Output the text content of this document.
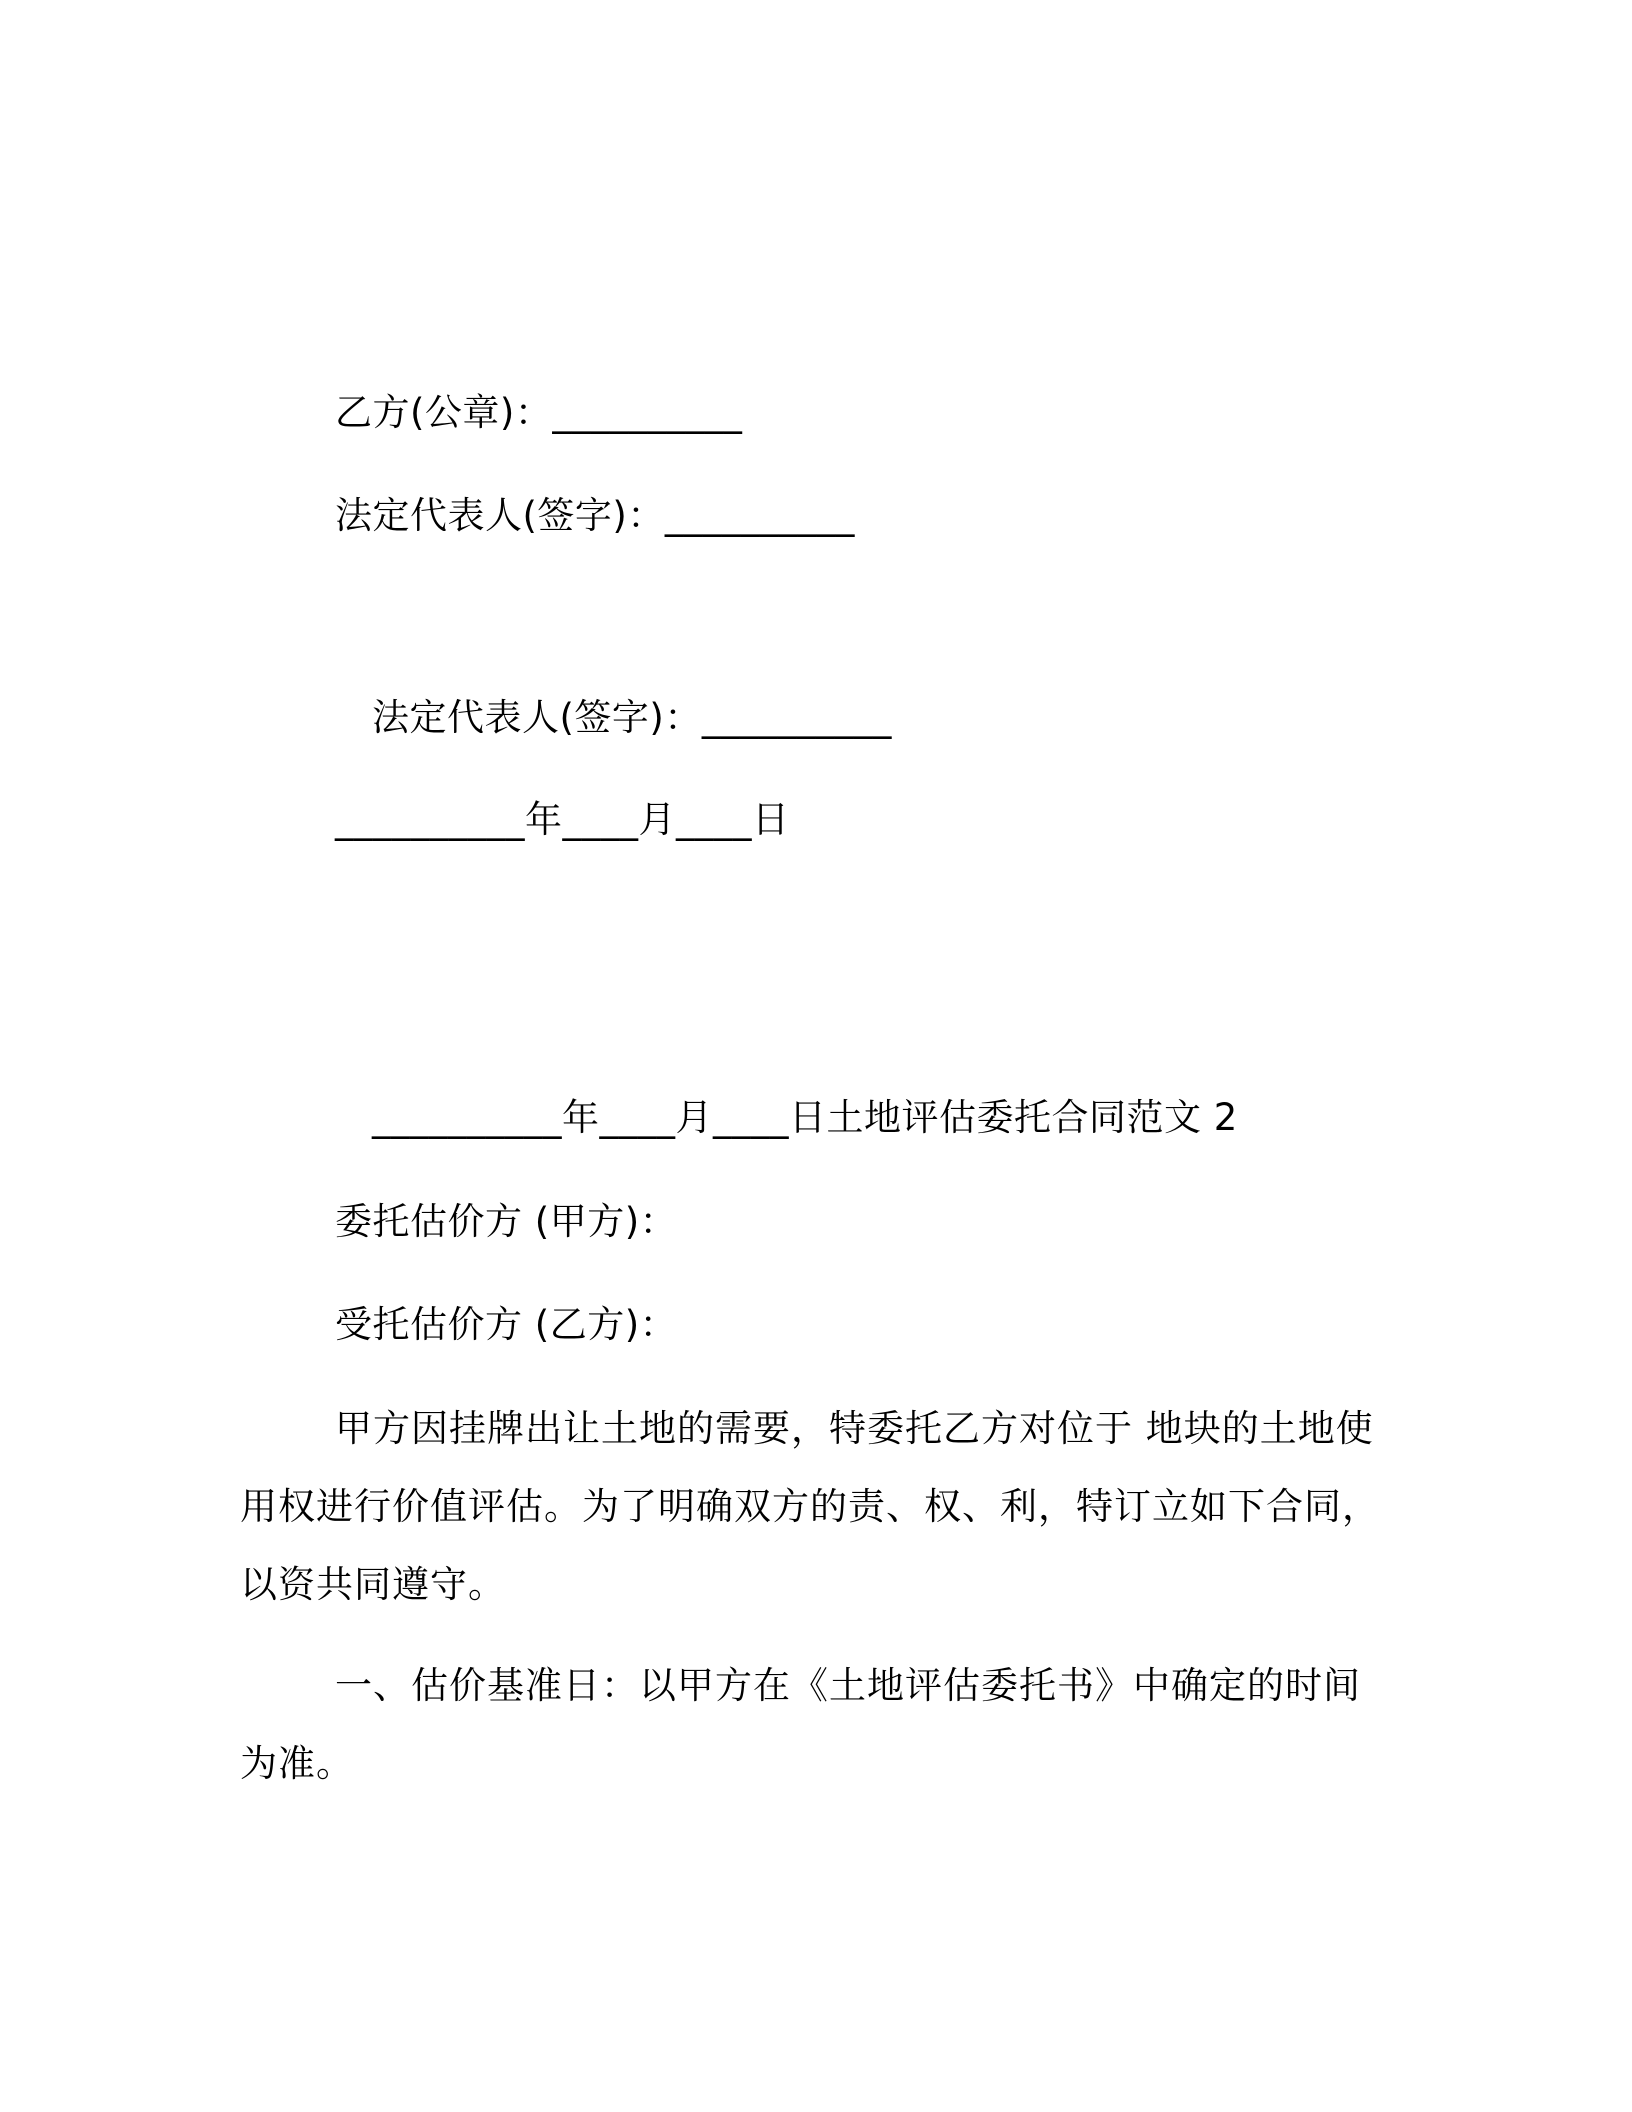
乙方(公章)：__________
法定代表人(签字)：__________
法定代表人(签字)：__________
__________年____月____日
__________年____月____日土地评估委托合同范文 2
委托估价方 (甲方)：
受托估价方 (乙方)：
甲方因挂牌出让土地的需要，特委托乙方对位于 地块的土地使用权进行价值评估。为了明确双方的责、权、利，特订立如下合同，以资共同遵守。
一、估价基准日：以甲方在《土地评估委托书》中确定的时间为准。
